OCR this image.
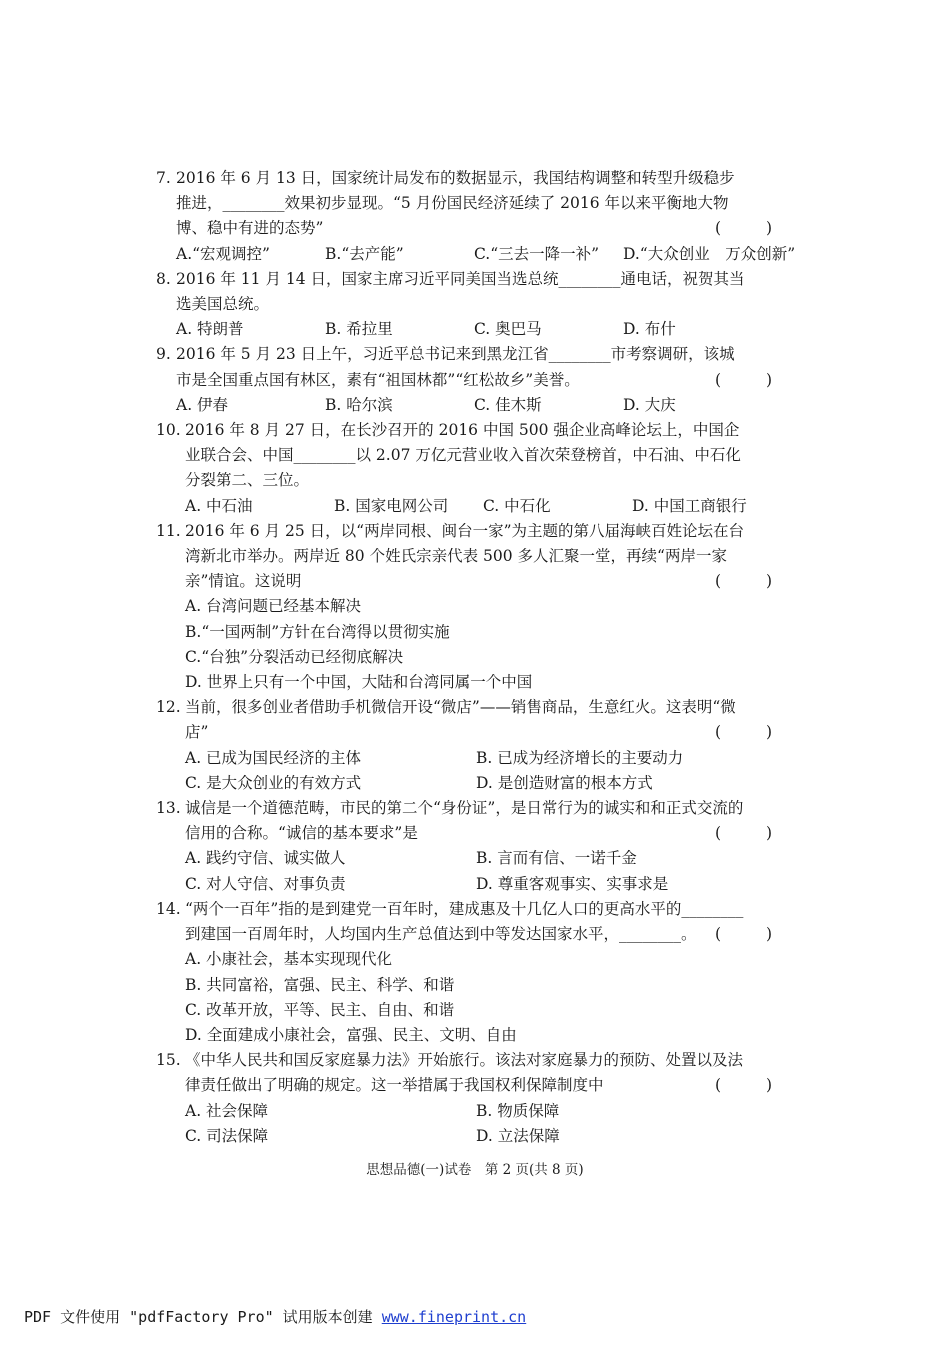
7. 2016 年 6 月 13 日，国家统计局发布的数据显示，我国结构调整和转型升级稳步推进，________效果初步显现。“5 月份国民经济延续了 2016 年以来平衡地大物博、稳中有进的态势”	( )
A.“宏观调控”	B.“去产能”	C.“三去一降一补”	D.“大众创业　万众创新”
8. 2016 年 11 月 14 日，国家主席习近平同美国当选总统________通电话，祝贺其当选美国总统。
A. 特朗普	B. 希拉里	C. 奥巴马	D. 布什
9. 2016 年 5 月 23 日上午，习近平总书记来到黑龙江省________市考察调研，该城市是全国重点国有林区，素有“祖国林都”“红松故乡”美誉。	( )
A. 伊春	B. 哈尔滨	C. 佳木斯	D. 大庆
10. 2016 年 8 月 27 日，在长沙召开的 2016 中国 500 强企业高峰论坛上，中国企业联合会、中国________以 2.07 万亿元营业收入首次荣登榜首，中石油、中石化分裂第二、三位。
A. 中石油	B. 国家电网公司	C. 中石化	D. 中国工商银行
11. 2016 年 6 月 25 日，以“两岸同根、闽台一家”为主题的第八届海峡百姓论坛在台湾新北市举办。两岸近 80 个姓氏宗亲代表 500 多人汇聚一堂，再续“两岸一家亲”情谊。这说明	( )
A. 台湾问题已经基本解决
B.“一国两制”方针在台湾得以贯彻实施
C.“台独”分裂活动已经彻底解决
D. 世界上只有一个中国，大陆和台湾同属一个中国
12. 当前，很多创业者借助手机微信开设“微店”——销售商品，生意红火。这表明“微店”	( )
A. 已成为国民经济的主体	B. 已成为经济增长的主要动力
C. 是大众创业的有效方式	D. 是创造财富的根本方式
13. 诚信是一个道德范畴，市民的第二个“身份证”，是日常行为的诚实和和正式交流的信用的合称。“诚信的基本要求”是	( )
A. 践约守信、诚实做人	B. 言而有信、一诺千金
C. 对人守信、对事负责	D. 尊重客观事实、实事求是
14. “两个一百年”指的是到建党一百年时，建成惠及十几亿人口的更高水平的________到建国一百周年时，人均国内生产总值达到中等发达国家水平，________。 ( )
A. 小康社会，基本实现现代化
B. 共同富裕，富强、民主、科学、和谐
C. 改革开放，平等、民主、自由、和谐
D. 全面建成小康社会，富强、民主、文明、自由
15. 《中华人民共和国反家庭暴力法》开始旅行。该法对家庭暴力的预防、处置以及法律责任做出了明确的规定。这一举措属于我国权利保障制度中	( )
A. 社会保障	B. 物质保障
C. 司法保障	D. 立法保障
思想品德(一)试卷　第 2 页(共 8 页)
PDF 文件使用 "pdfFactory Pro" 试用版本创建 www.fineprint.cn
